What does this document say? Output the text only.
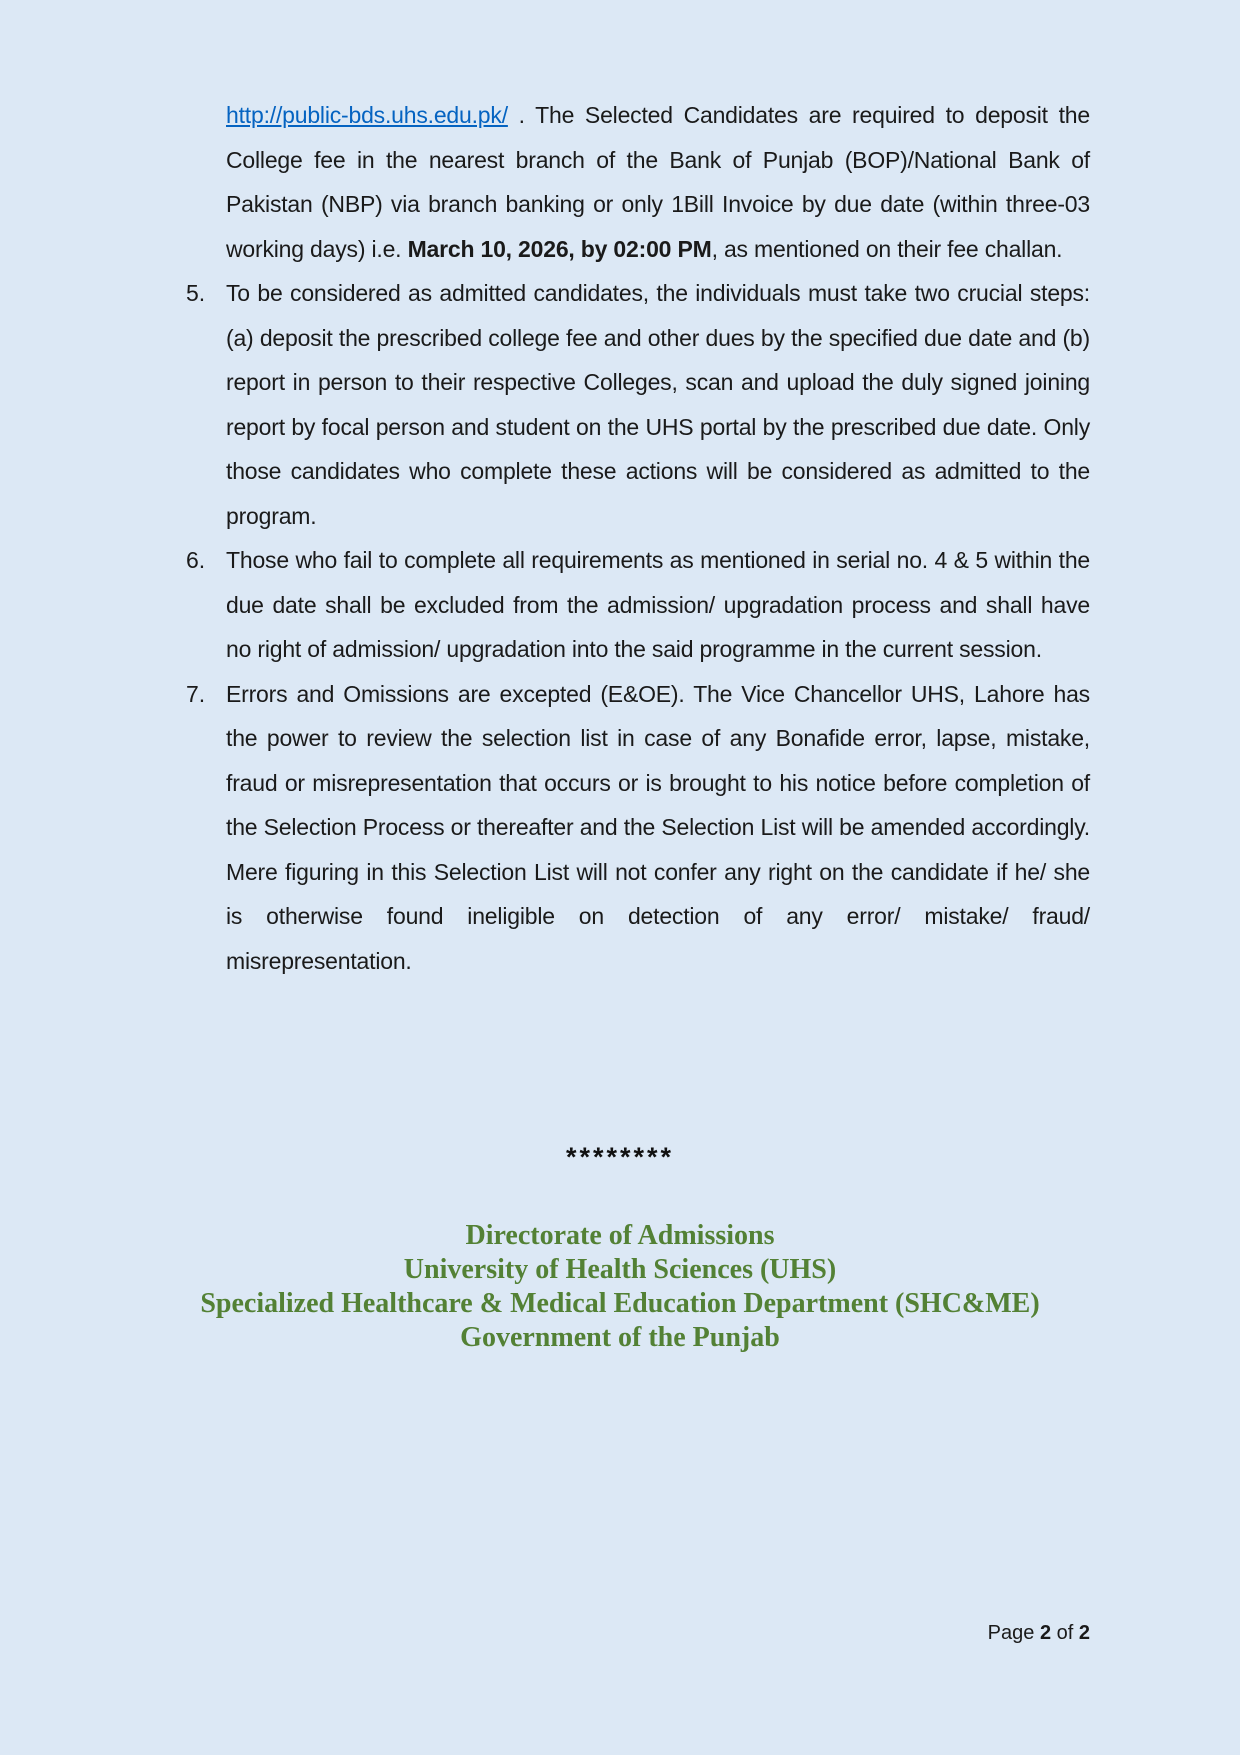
http://public-bds.uhs.edu.pk/ . The Selected Candidates are required to deposit the College fee in the nearest branch of the Bank of Punjab (BOP)/National Bank of Pakistan (NBP) via branch banking or only 1Bill Invoice by due date (within three-03 working days) i.e. March 10, 2026, by 02:00 PM, as mentioned on their fee challan.
5. To be considered as admitted candidates, the individuals must take two crucial steps: (a) deposit the prescribed college fee and other dues by the specified due date and (b) report in person to their respective Colleges, scan and upload the duly signed joining report by focal person and student on the UHS portal by the prescribed due date. Only those candidates who complete these actions will be considered as admitted to the program.
6. Those who fail to complete all requirements as mentioned in serial no. 4 & 5 within the due date shall be excluded from the admission/ upgradation process and shall have no right of admission/ upgradation into the said programme in the current session.
7. Errors and Omissions are excepted (E&OE). The Vice Chancellor UHS, Lahore has the power to review the selection list in case of any Bonafide error, lapse, mistake, fraud or misrepresentation that occurs or is brought to his notice before completion of the Selection Process or thereafter and the Selection List will be amended accordingly. Mere figuring in this Selection List will not confer any right on the candidate if he/ she is otherwise found ineligible on detection of any error/ mistake/ fraud/ misrepresentation.
********
Directorate of Admissions
University of Health Sciences (UHS)
Specialized Healthcare & Medical Education Department (SHC&ME)
Government of the Punjab
Page 2 of 2
